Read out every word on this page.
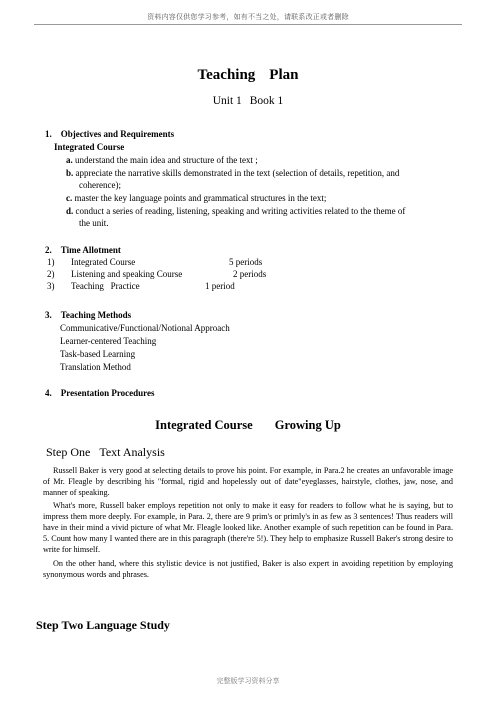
资料内容仅供您学习参考，如有不当之处，请联系改正或者删除
Teaching Plan
Unit 1 Book 1
1.    Objectives and Requirements
Integrated Course
a. understand the main idea and structure of the text ;
b. appreciate the narrative skills demonstrated in the text (selection of details, repetition, and
coherence);
c. master the key language points and grammatical structures in the text;
d. conduct a series of reading, listening, speaking and writing activities related to the theme of
the unit.
2.    Time Allotment
1) Integrated Course	5 periods
2) Listening and speaking Course	2 periods
3) Teaching   Practice	1 period
3.    Teaching Methods
Communicative/Functional/Notional Approach
Learner-centered Teaching
Task-based Learning
Translation Method
4.    Presentation Procedures
Integrated Course Growing Up
Step One   Text Analysis
Russell Baker is very good at selecting details to prove his point. For example, in Para.2 he creates an unfavorable image of Mr. Fleagle by describing his "formal, rigid and hopelessly out of date"eyeglasses, hairstyle, clothes, jaw, nose, and manner of speaking.
What's more, Russell baker employs repetition not only to make it easy for readers to follow what he is saying, but to impress them more deeply. For example, in Para. 2, there are 9 prim's or primly's in as few as 3 sentences! Thus readers will have in their mind a vivid picture of what Mr. Fleagle looked like. Another example of such repetition can be found in Para. 5. Count how many I wanted there are in this paragraph (there're 5!). They help to emphasize Russell Baker's strong desire to write for himself.
On the other hand, where this stylistic device is not justified, Baker is also expert in avoiding repetition by employing synonymous words and phrases.
Step Two Language Study
完整版学习资料分享
